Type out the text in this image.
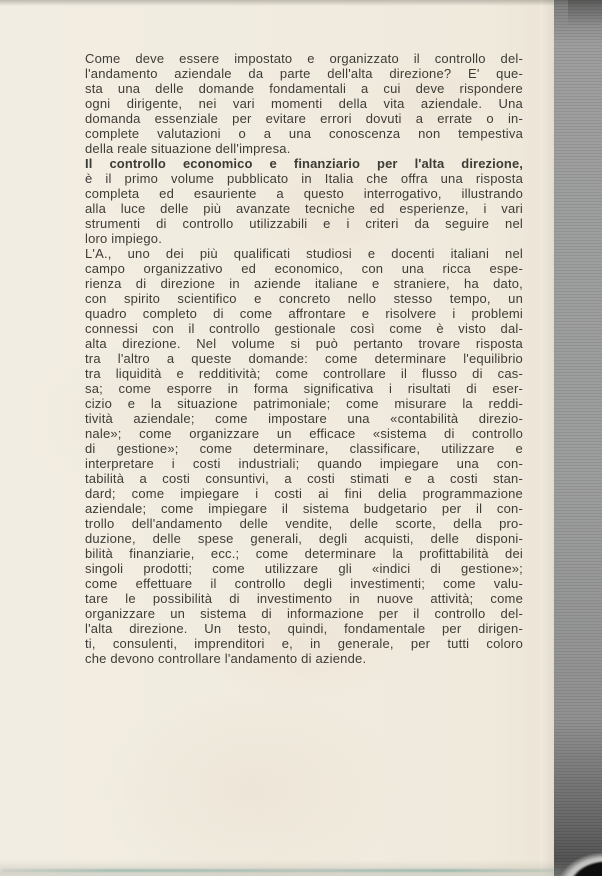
Come deve essere impostato e organizzato il controllo del-
l'andamento aziendale da parte dell'alta direzione? E' que-
sta una delle domande fondamentali a cui deve rispondere
ogni dirigente, nei vari momenti della vita aziendale. Una
domanda essenziale per evitare errori dovuti a errate o in-
complete valutazioni o a una conoscenza non tempestiva
della reale situazione dell'impresa.
Il controllo economico e finanziario per l'alta direzione,
è il primo volume pubblicato in Italia che offra una risposta
completa ed esauriente a questo interrogativo, illustrando
alla luce delle più avanzate tecniche ed esperienze, i vari
strumenti di controllo utilizzabili e i criteri da seguire nel
loro impiego.
L'A., uno dei più qualificati studiosi e docenti italiani nel
campo organizzativo ed economico, con una ricca espe-
rienza di direzione in aziende italiane e straniere, ha dato,
con spirito scientifico e concreto nello stesso tempo, un
quadro completo di come affrontare e risolvere i problemi
connessi con il controllo gestionale così come è visto dal-
alta direzione. Nel volume si può pertanto trovare risposta
tra l'altro a queste domande: come determinare l'equilibrio
tra liquidità e redditività; come controllare il flusso di cas-
sa; come esporre in forma significativa i risultati di eser-
cizio e la situazione patrimoniale; come misurare la reddi-
tività aziendale; come impostare una «contabilità direzio-
nale»; come organizzare un efficace «sistema di controllo
di gestione»; come determinare, classificare, utilizzare e
interpretare i costi industriali; quando impiegare una con-
tabilità a costi consuntivi, a costi stimati e a costi stan-
dard; come impiegare i costi ai fini delia programmazione
aziendale; come impiegare il sistema budgetario per il con-
trollo dell'andamento delle vendite, delle scorte, della pro-
duzione, delle spese generali, degli acquisti, delle disponi-
bilità finanziarie, ecc.; come determinare la profittabilità dei
singoli prodotti; come utilizzare gli «indici di gestione»;
come effettuare il controllo degli investimenti; come valu-
tare le possibilità di investimento in nuove attività; come
organizzare un sistema di informazione per il controllo del-
l'alta direzione. Un testo, quindi, fondamentale per dirigen-
ti, consulenti, imprenditori e, in generale, per tutti coloro
che devono controllare l'andamento di aziende.
